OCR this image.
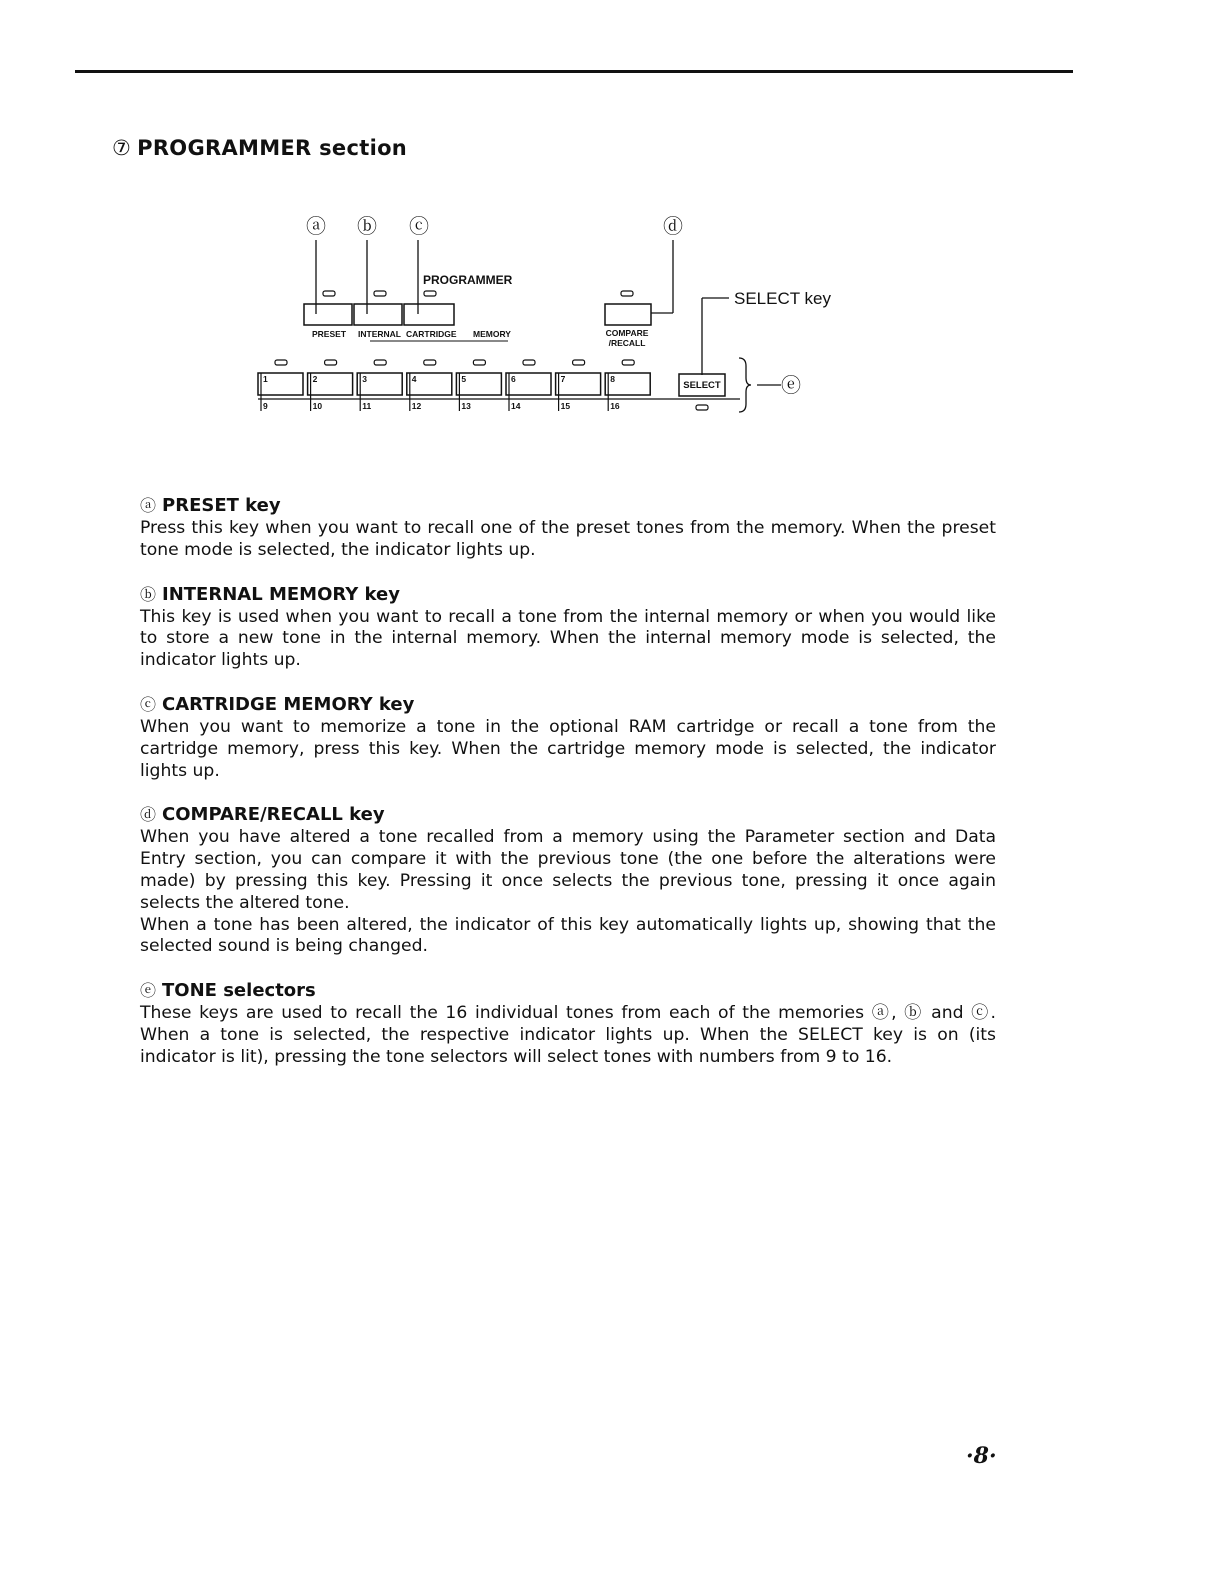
⑦ PROGRAMMER section
ⓐ ⓑ ⓒ	ⓓ
PROGRAMMER
PRESET INTERNAL CARTRIDGE MEMORY	COMPARE
/RECALL
SELECT key
1
9
2
10
3
11
4
12
5
13
6
14
7
15
8
16
SELECT	ⓔ
ⓐ PRESET key

Press this key when you want to recall one of the preset tones from the memory. When the preset tone mode is selected, the indicator lights up.

ⓑ INTERNAL MEMORY key

This key is used when you want to recall a tone from the internal memory or when you would like to store a new tone in the internal memory. When the internal memory mode is selected, the indicator lights up.

ⓒ CARTRIDGE MEMORY key

When you want to memorize a tone in the optional RAM cartridge or recall a tone from the cartridge memory, press this key. When the cartridge memory mode is selected, the indicator lights up.

ⓓ COMPARE/RECALL key

When you have altered a tone recalled from a memory using the Parameter section and Data Entry section, you can compare it with the previous tone (the one before the alterations were made) by pressing this key. Pressing it once selects the previous tone, pressing it once again selects the altered tone.

When a tone has been altered, the indicator of this key automatically lights up, showing that the selected sound is being changed.

ⓔ TONE selectors

These keys are used to recall the 16 individual tones from each of the memories ⓐ, ⓑ and ⓒ. When a tone is selected, the respective indicator lights up. When the SELECT key is on (its indicator is lit), pressing the tone selectors will select tones with numbers from 9 to 16.

·8·
